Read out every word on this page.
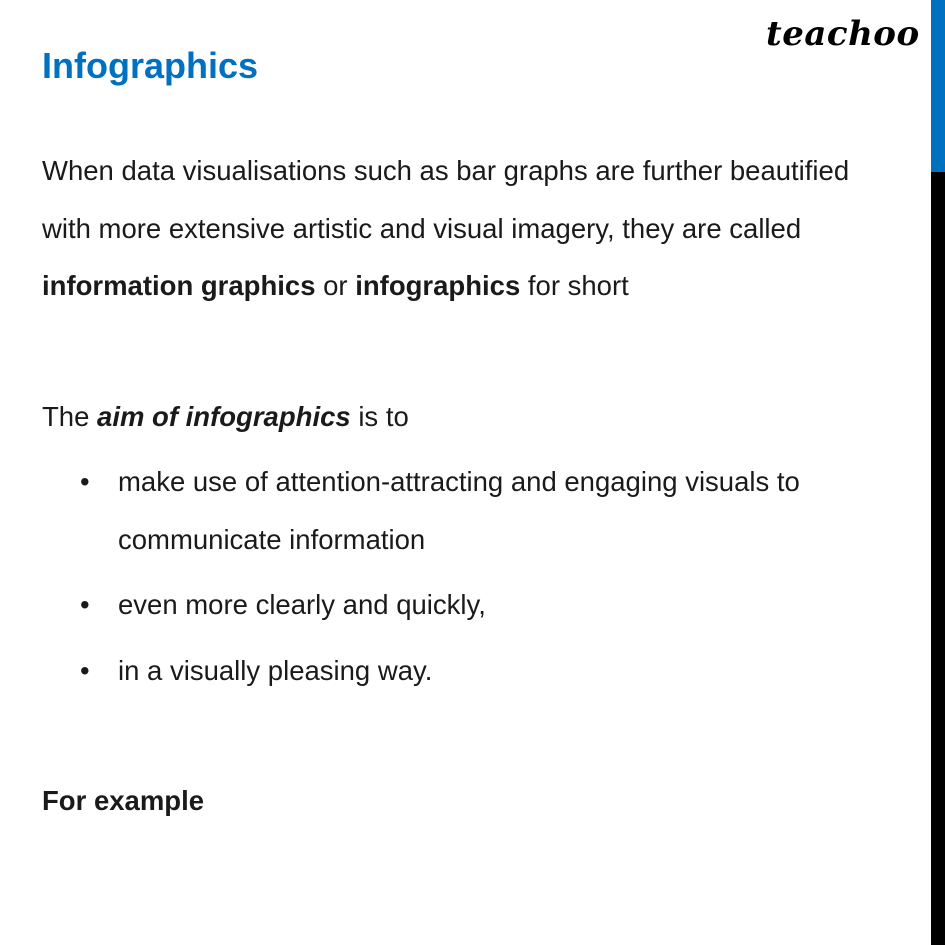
teachoo
Infographics
When data visualisations such as bar graphs are further beautified
with more extensive artistic and visual imagery, they are called
information graphics or infographics for short
The aim of infographics is to
• make use of attention-attracting and engaging visuals to
communicate information
• even more clearly and quickly,
• in a visually pleasing way.
For example
